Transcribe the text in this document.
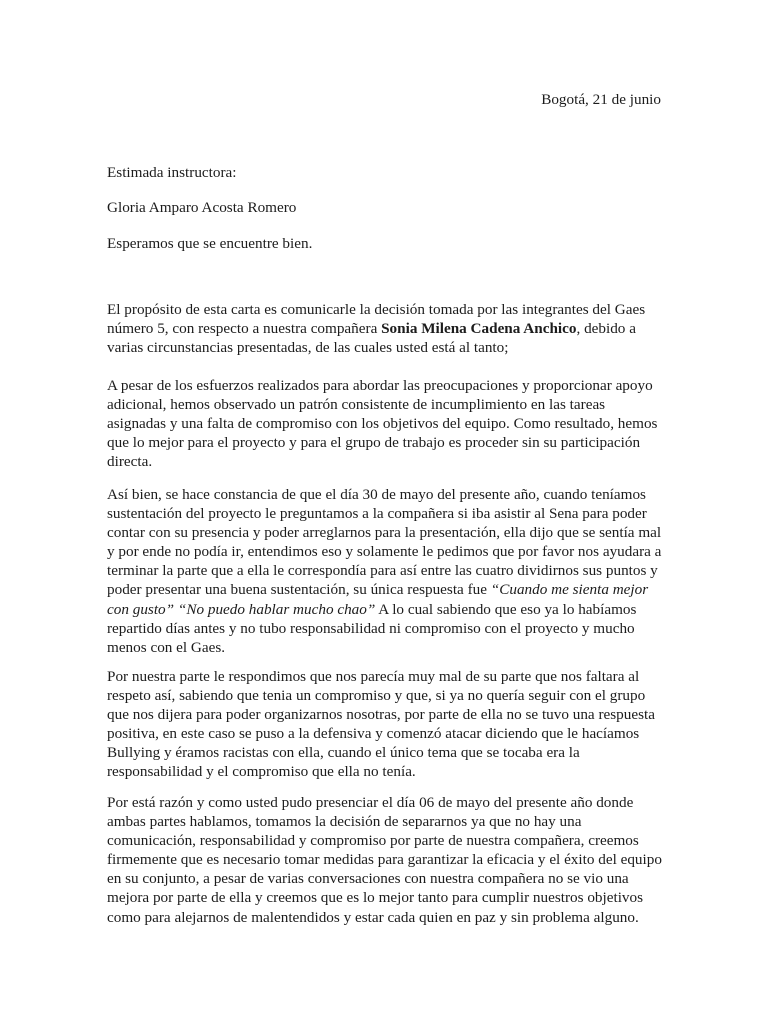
Bogotá, 21 de junio
Estimada instructora:
Gloria Amparo Acosta Romero
Esperamos que se encuentre bien.

El propósito de esta carta es comunicarle la decisión tomada por las integrantes del Gaes número 5, con respecto a nuestra compañera Sonia Milena Cadena Anchico, debido a varias circunstancias presentadas, de las cuales usted está al tanto;

A pesar de los esfuerzos realizados para abordar las preocupaciones y proporcionar apoyo adicional, hemos observado un patrón consistente de incumplimiento en las tareas asignadas y una falta de compromiso con los objetivos del equipo. Como resultado, hemos que lo mejor para el proyecto y para el grupo de trabajo es proceder sin su participación directa.

Así bien, se hace constancia de que el día 30 de mayo del presente año, cuando teníamos sustentación del proyecto le preguntamos a la compañera si iba asistir al Sena para poder contar con su presencia y poder arreglarnos para la presentación, ella dijo que se sentía mal y por ende no podía ir, entendimos eso y solamente le pedimos que por favor nos ayudara a terminar la parte que a ella le correspondía para así entre las cuatro dividirnos sus puntos y poder presentar una buena sustentación, su única respuesta fue “Cuando me sienta mejor con gusto” “No puedo hablar mucho chao” A lo cual sabiendo que eso ya lo habíamos repartido días antes y no tubo responsabilidad ni compromiso con el proyecto y mucho menos con el Gaes.

Por nuestra parte le respondimos que nos parecía muy mal de su parte que nos faltara al respeto así, sabiendo que tenia un compromiso y que, si ya no quería seguir con el grupo que nos dijera para poder organizarnos nosotras, por parte de ella no se tuvo una respuesta positiva, en este caso se puso a la defensiva y comenzó atacar diciendo que le hacíamos Bullying y éramos racistas con ella, cuando el único tema que se tocaba era la responsabilidad y el compromiso que ella no tenía.

Por está razón y como usted pudo presenciar el día 06 de mayo del presente año donde ambas partes hablamos, tomamos la decisión de separarnos ya que no hay una comunicación, responsabilidad y compromiso por parte de nuestra compañera, creemos firmemente que es necesario tomar medidas para garantizar la eficacia y el éxito del equipo en su conjunto, a pesar de varias conversaciones con nuestra compañera no se vio una mejora por parte de ella y creemos que es lo mejor tanto para cumplir nuestros objetivos como para alejarnos de malentendidos y estar cada quien en paz y sin problema alguno.
